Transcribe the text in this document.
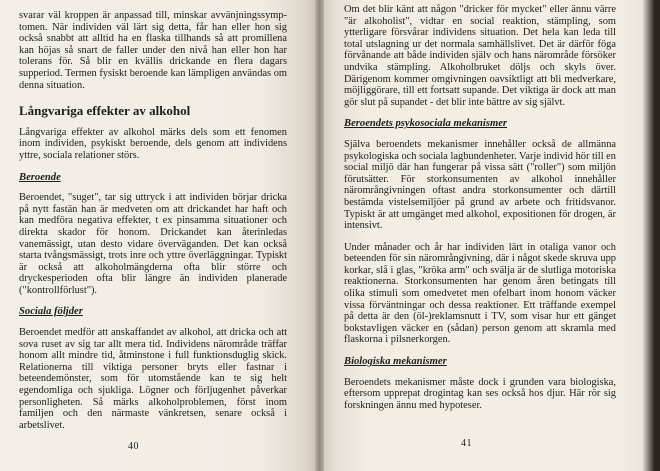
svarar väl kroppen är anpassad till, minskar avvänjningssymp-tomen. När individen väl lärt sig detta, får han eller hon sig också snabbt att alltid ha en flaska tillhands så att promillena kan höjas så snart de faller under den nivå han eller hon har tolerans för. Så blir en kvällis drickande en flera dagars supperiod. Termen fysiskt beroende kan lämpligen användas om denna situation.

Långvariga effekter av alkohol

Långvariga effekter av alkohol märks dels som ett fenomen inom individen, psykiskt beroende, dels genom att individens yttre, sociala relationer störs.

Beroende

Beroendet, "suget", tar sig uttryck i att individen börjar dricka på nytt fastän han är medveten om att drickandet har haft och kan medföra negativa effekter, t ex pinsamma situationer och direkta skador för honom. Drickandet kan återinledas vanemässigt, utan desto vidare överväganden. Det kan också starta tvångsmässigt, trots inre och yttre överläggningar. Typiskt är också att alkoholmängderna ofta blir större och dryckesperioden ofta blir längre än individen planerade ("kontrollförlust").

Sociala följder

Beroendet medför att anskaffandet av alkohol, att dricka och att sova ruset av sig tar allt mera tid. Individens närområde träffar honom allt mindre tid, åtminstone i full funktionsduglig skick. Relationerna till viktiga personer bryts eller fastnar i beteendemönster, som för utomstående kan te sig helt egendomliga och sjukliga. Lögner och förljugenhet påverkar personligheten. Så märks alkoholproblemen, först inom familjen och den närmaste vänkretsen, senare också i arbetslivet.

40

Om det blir känt att någon "dricker för mycket" eller ännu värre "är alkoholist", vidtar en social reaktion, stämpling, som ytterligare försvårar individens situation. Det hela kan leda till total utslagning ur det normala samhällslivet. Det är därför föga förvånande att både individen själv och hans närområde försöker undvika stämpling. Alkoholbruket döljs och skyls över. Därigenom kommer omgivningen oavsiktligt att bli medverkare, möjliggörare, till ett fortsatt supande. Det viktiga är dock att man gör slut på supandet - det blir inte bättre av sig självt.

Beroendets psykosociala mekanismer

Själva beroendets mekanismer innehåller också de allmänna psykologiska och sociala lagbundenheter. Varje individ hör till en social miljö där han fungerar på vissa sätt ("roller") som miljön förutsätter. För storkonsumenten av alkohol innehåller närområngivningen oftast andra storkonsumenter och därtill bestämda vistelsemiljöer på grund av arbete och fritidsvanor. Typiskt är att umgänget med alkohol, expositionen för drogen, är intensivt.

Under månader och år har individen lärt in otaliga vanor och beteenden för sin närområngivning, där i något skede skruva upp korkar, slå i glas, "kröka arm" och svälja är de slutliga motoriska reaktionerna. Storkonsumenten har genom åren betingats till olika stimuli som omedvetet men ofelbart inom honom väcker vissa förväntningar och dessa reaktioner. Ett träffande exempel på detta är den (öl-)reklamsnutt i TV, som visar hur ett gänget bokstavligen väcker en (sådan) person genom att skramla med flaskorna i pilsnerkorgen.

Biologiska mekanismer

Beroendets mekanismer måste dock i grunden vara biologiska, eftersom upprepat drogintag kan ses också hos djur. Här rör sig forskningen ännu med hypoteser.

41
